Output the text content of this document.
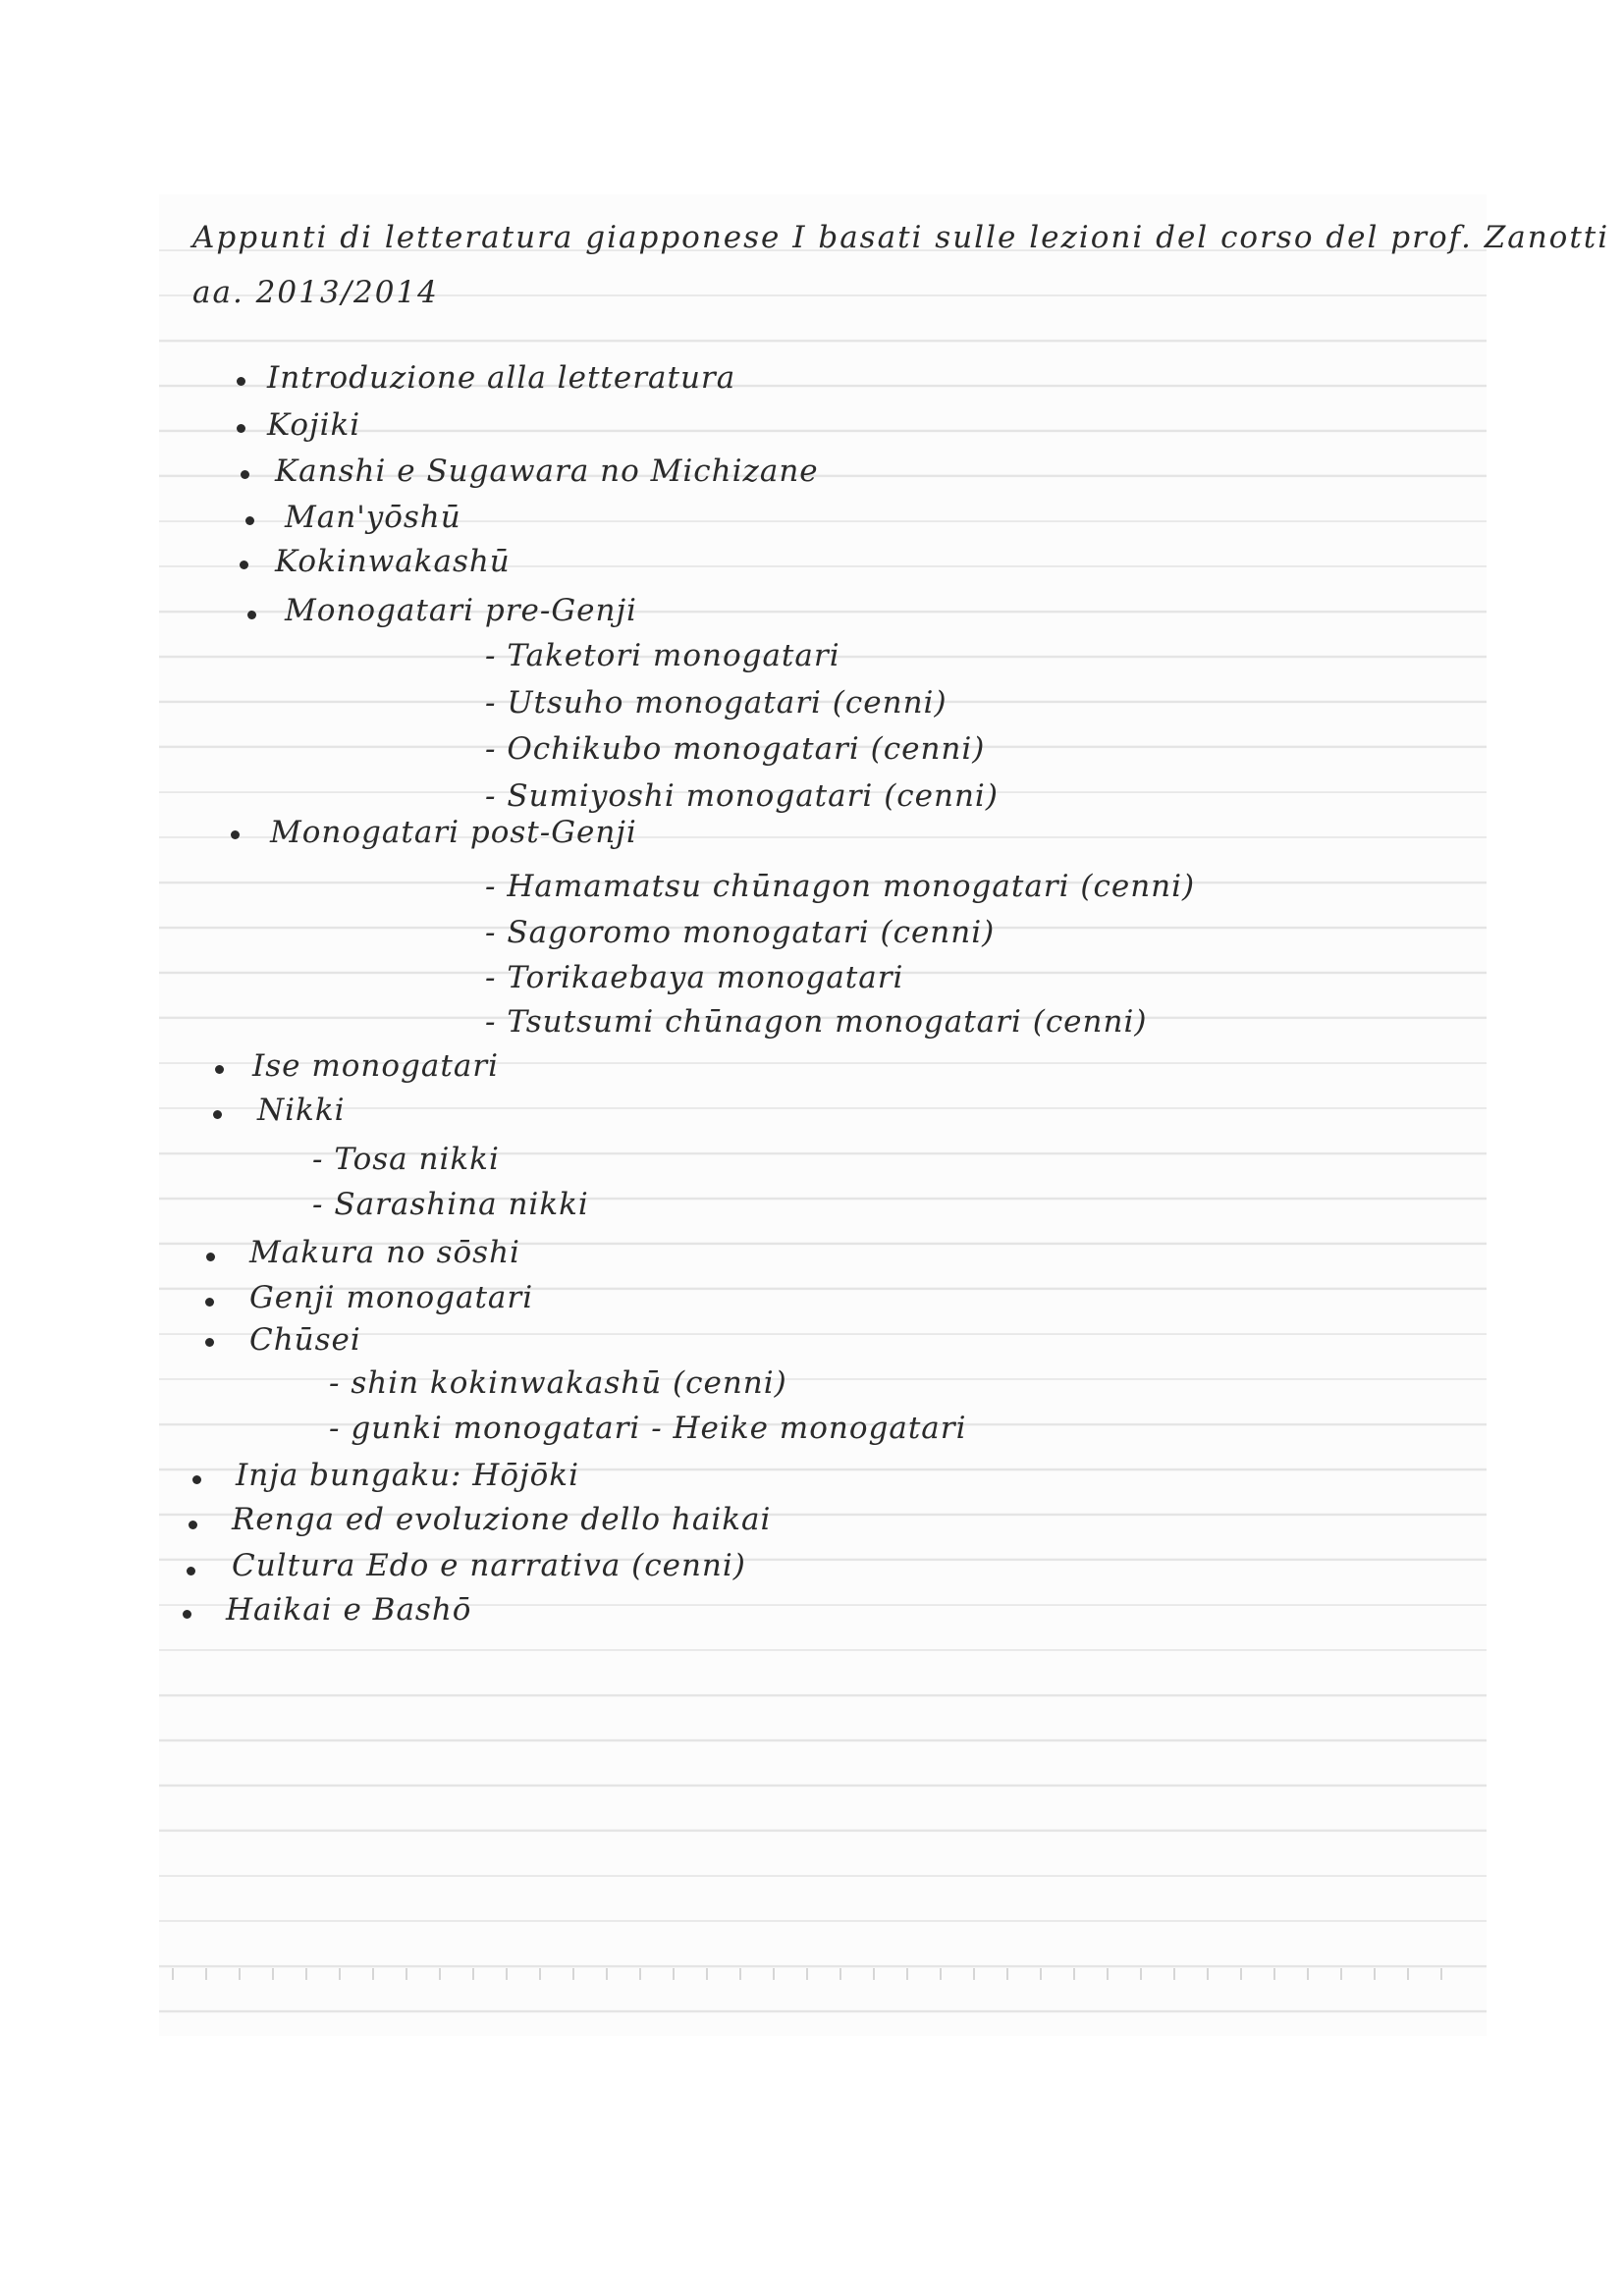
Appunti di letteratura giapponese I basati sulle lezioni del corso del prof. Zanotti
aa. 2013/2014
Introduzione alla letteratura
Kojiki
Kanshi e Sugawara no Michizane
Man'yōshū
Kokinwakashū
Monogatari pre-Genji
- Taketori monogatari
- Utsuho monogatari (cenni)
- Ochikubo monogatari (cenni)
- Sumiyoshi monogatari (cenni)
Monogatari post-Genji
- Hamamatsu chūnagon monogatari (cenni)
- Sagoromo monogatari (cenni)
- Torikaebaya monogatari
- Tsutsumi chūnagon monogatari (cenni)
Ise monogatari
Nikki
- Tosa nikki
- Sarashina nikki
Makura no sōshi
Genji monogatari
Chūsei
- shin kokinwakashū (cenni)
- gunki monogatari - Heike monogatari
Inja bungaku: Hōjōki
Renga ed evoluzione dello haikai
Cultura Edo e narrativa (cenni)
Haikai e Bashō
